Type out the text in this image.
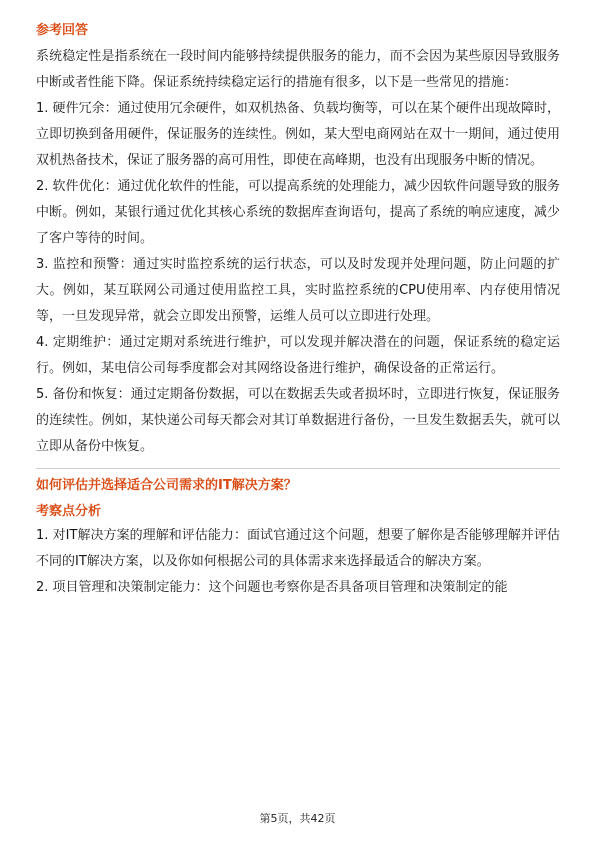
参考回答

系统稳定性是指系统在一段时间内能够持续提供服务的能力，而不会因为某些原因导致服务中断或者性能下降。保证系统持续稳定运行的措施有很多，以下是一些常见的措施：

1. 硬件冗余：通过使用冗余硬件，如双机热备、负载均衡等，可以在某个硬件出现故障时，立即切换到备用硬件，保证服务的连续性。例如，某大型电商网站在双十一期间，通过使用双机热备技术，保证了服务器的高可用性，即使在高峰期，也没有出现服务中断的情况。

2. 软件优化：通过优化软件的性能，可以提高系统的处理能力，减少因软件问题导致的服务中断。例如，某银行通过优化其核心系统的数据库查询语句，提高了系统的响应速度，减少了客户等待的时间。

3. 监控和预警：通过实时监控系统的运行状态，可以及时发现并处理问题，防止问题的扩大。例如，某互联网公司通过使用监控工具，实时监控系统的CPU使用率、内存使用情况等，一旦发现异常，就会立即发出预警，运维人员可以立即进行处理。

4. 定期维护：通过定期对系统进行维护，可以发现并解决潜在的问题，保证系统的稳定运行。例如，某电信公司每季度都会对其网络设备进行维护，确保设备的正常运行。

5. 备份和恢复：通过定期备份数据，可以在数据丢失或者损坏时，立即进行恢复，保证服务的连续性。例如，某快递公司每天都会对其订单数据进行备份，一旦发生数据丢失，就可以立即从备份中恢复。

如何评估并选择适合公司需求的IT解决方案？

考察点分析

1. 对IT解决方案的理解和评估能力：面试官通过这个问题，想要了解你是否能够理解并评估不同的IT解决方案，以及你如何根据公司的具体需求来选择最适合的解决方案。

2. 项目管理和决策制定能力：这个问题也考察你是否具备项目管理和决策制定的能

第5页，共42页
